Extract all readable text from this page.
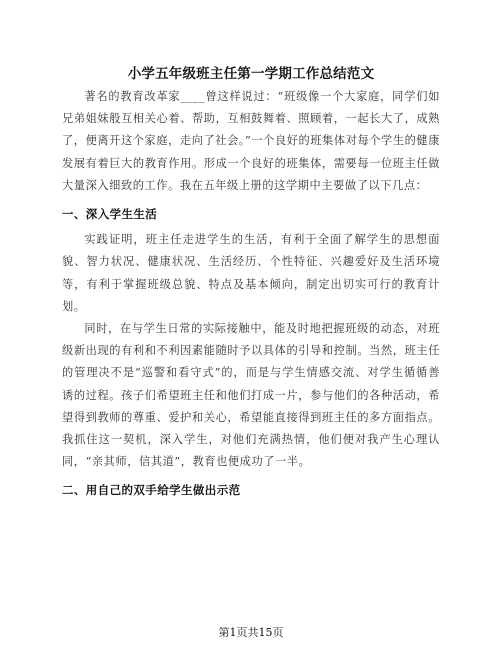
小学五年级班主任第一学期工作总结范文

著名的教育改革家____曾这样说过：“班级像一个大家庭，同学们如兄弟姐妹般互相关心着、帮助，互相鼓舞着、照顾着，一起长大了，成熟了，便离开这个家庭，走向了社会。”一个良好的班集体对每个学生的健康发展有着巨大的教育作用。形成一个良好的班集体，需要每一位班主任做大量深入细致的工作。我在五年级上册的这学期中主要做了以下几点：

一、深入学生生活

实践证明，班主任走进学生的生活，有利于全面了解学生的思想面貌、智力状况、健康状况、生活经历、个性特征、兴趣爱好及生活环境等，有利于掌握班级总貌、特点及基本倾向，制定出切实可行的教育计划。

同时，在与学生日常的实际接触中，能及时地把握班级的动态，对班级新出现的有利和不利因素能随时予以具体的引导和控制。当然，班主任的管理决不是“巡警和看守式”的，而是与学生情感交流、对学生循循善诱的过程。孩子们希望班主任和他们打成一片，参与他们的各种活动，希望得到教师的尊重、爱护和关心，希望能直接得到班主任的多方面指点。我抓住这一契机，深入学生，对他们充满热情，他们便对我产生心理认同，“亲其师，信其道”，教育也便成功了一半。

二、用自己的双手给学生做出示范

第1页共15页
